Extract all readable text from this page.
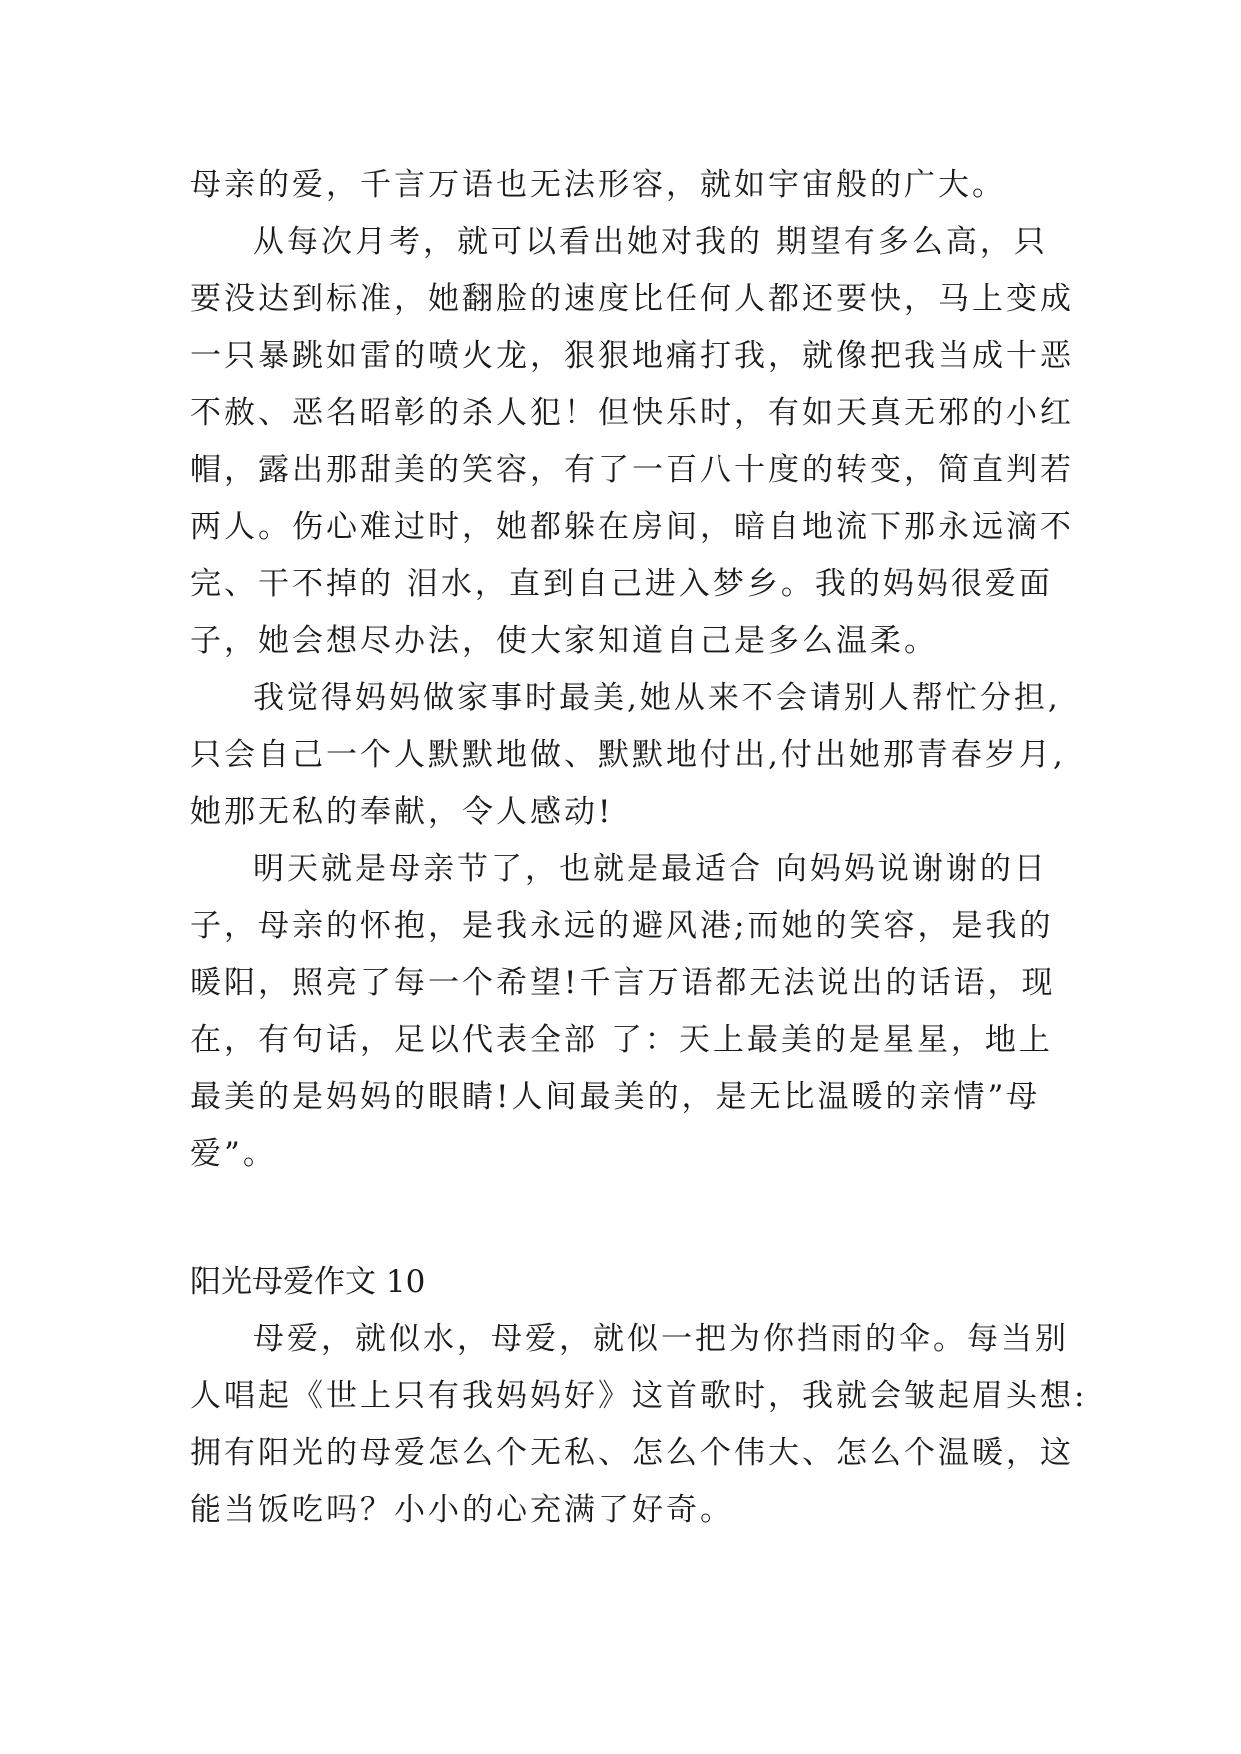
母亲的爱，千言万语也无法形容，就如宇宙般的广大。
从每次月考，就可以看出她对我的 期望有多么高，只
要没达到标准，她翻脸的速度比任何人都还要快，马上变成
一只暴跳如雷的喷火龙，狠狠地痛打我，就像把我当成十恶
不赦、恶名昭彰的杀人犯！但快乐时，有如天真无邪的小红
帽，露出那甜美的笑容，有了一百八十度的转变，简直判若
两人。伤心难过时，她都躲在房间，暗自地流下那永远滴不
完、干不掉的 泪水，直到自己进入梦乡。我的妈妈很爱面
子，她会想尽办法，使大家知道自己是多么温柔。
我觉得妈妈做家事时最美,她从来不会请别人帮忙分担,
只会自己一个人默默地做、默默地付出,付出她那青春岁月,
她那无私的奉献，令人感动!
明天就是母亲节了，也就是最适合 向妈妈说谢谢的日
子，母亲的怀抱，是我永远的避风港;而她的笑容，是我的
暖阳，照亮了每一个希望!千言万语都无法说出的话语，现
在，有句话，足以代表全部 了：天上最美的是星星，地上
最美的是妈妈的眼睛!人间最美的，是无比温暖的亲情”母
爱”。
阳光母爱作文 10
母爱，就似水，母爱，就似一把为你挡雨的伞。每当别
人唱起《世上只有我妈妈好》这首歌时，我就会皱起眉头想:
拥有阳光的母爱怎么个无私、怎么个伟大、怎么个温暖，这
能当饭吃吗？小小的心充满了好奇。
